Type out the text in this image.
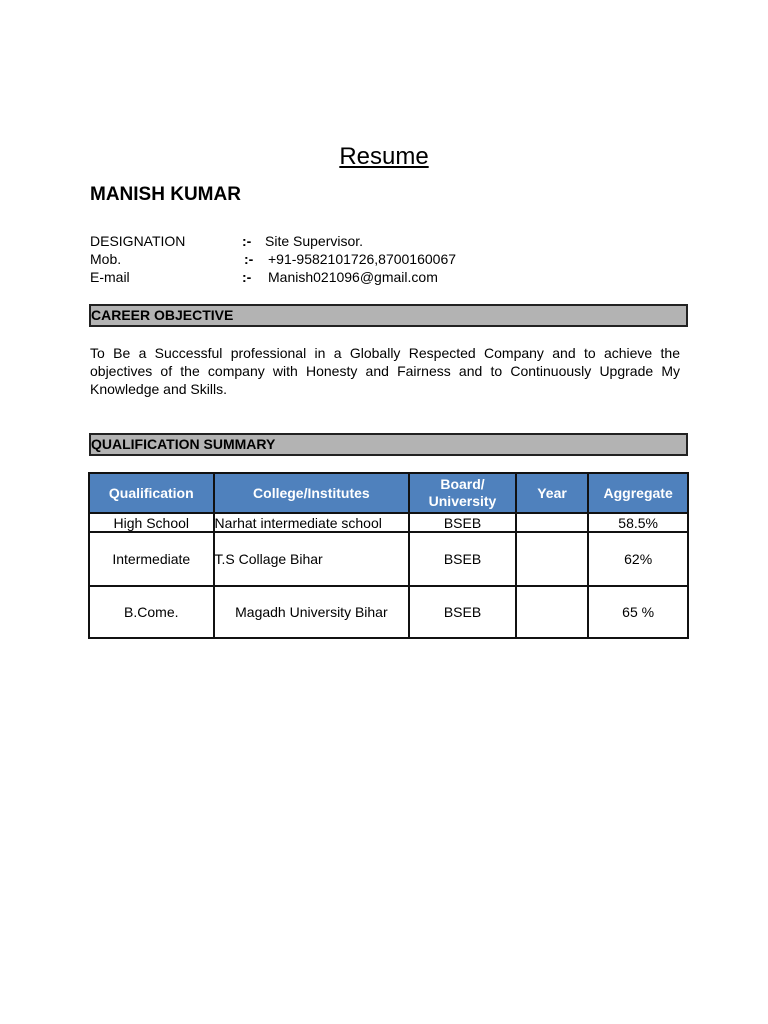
Resume
MANISH KUMAR
DESIGNATION	:- Site Supervisor.
Mob.	:- +91-9582101726,8700160067
E-mail	:- Manish021096@gmail.com
CAREER OBJECTIVE
To Be a Successful professional in a Globally Respected Company and to achieve the objectives of the company with Honesty and Fairness and to Continuously Upgrade My Knowledge and Skills.
QUALIFICATION SUMMARY
Qualification	College/Institutes	Board/ University	Year	Aggregate
High School	Narhat intermediate school	BSEB		58.5%
Intermediate	T.S Collage Bihar	BSEB		62%
B.Come.	Magadh University Bihar	BSEB		65 %
